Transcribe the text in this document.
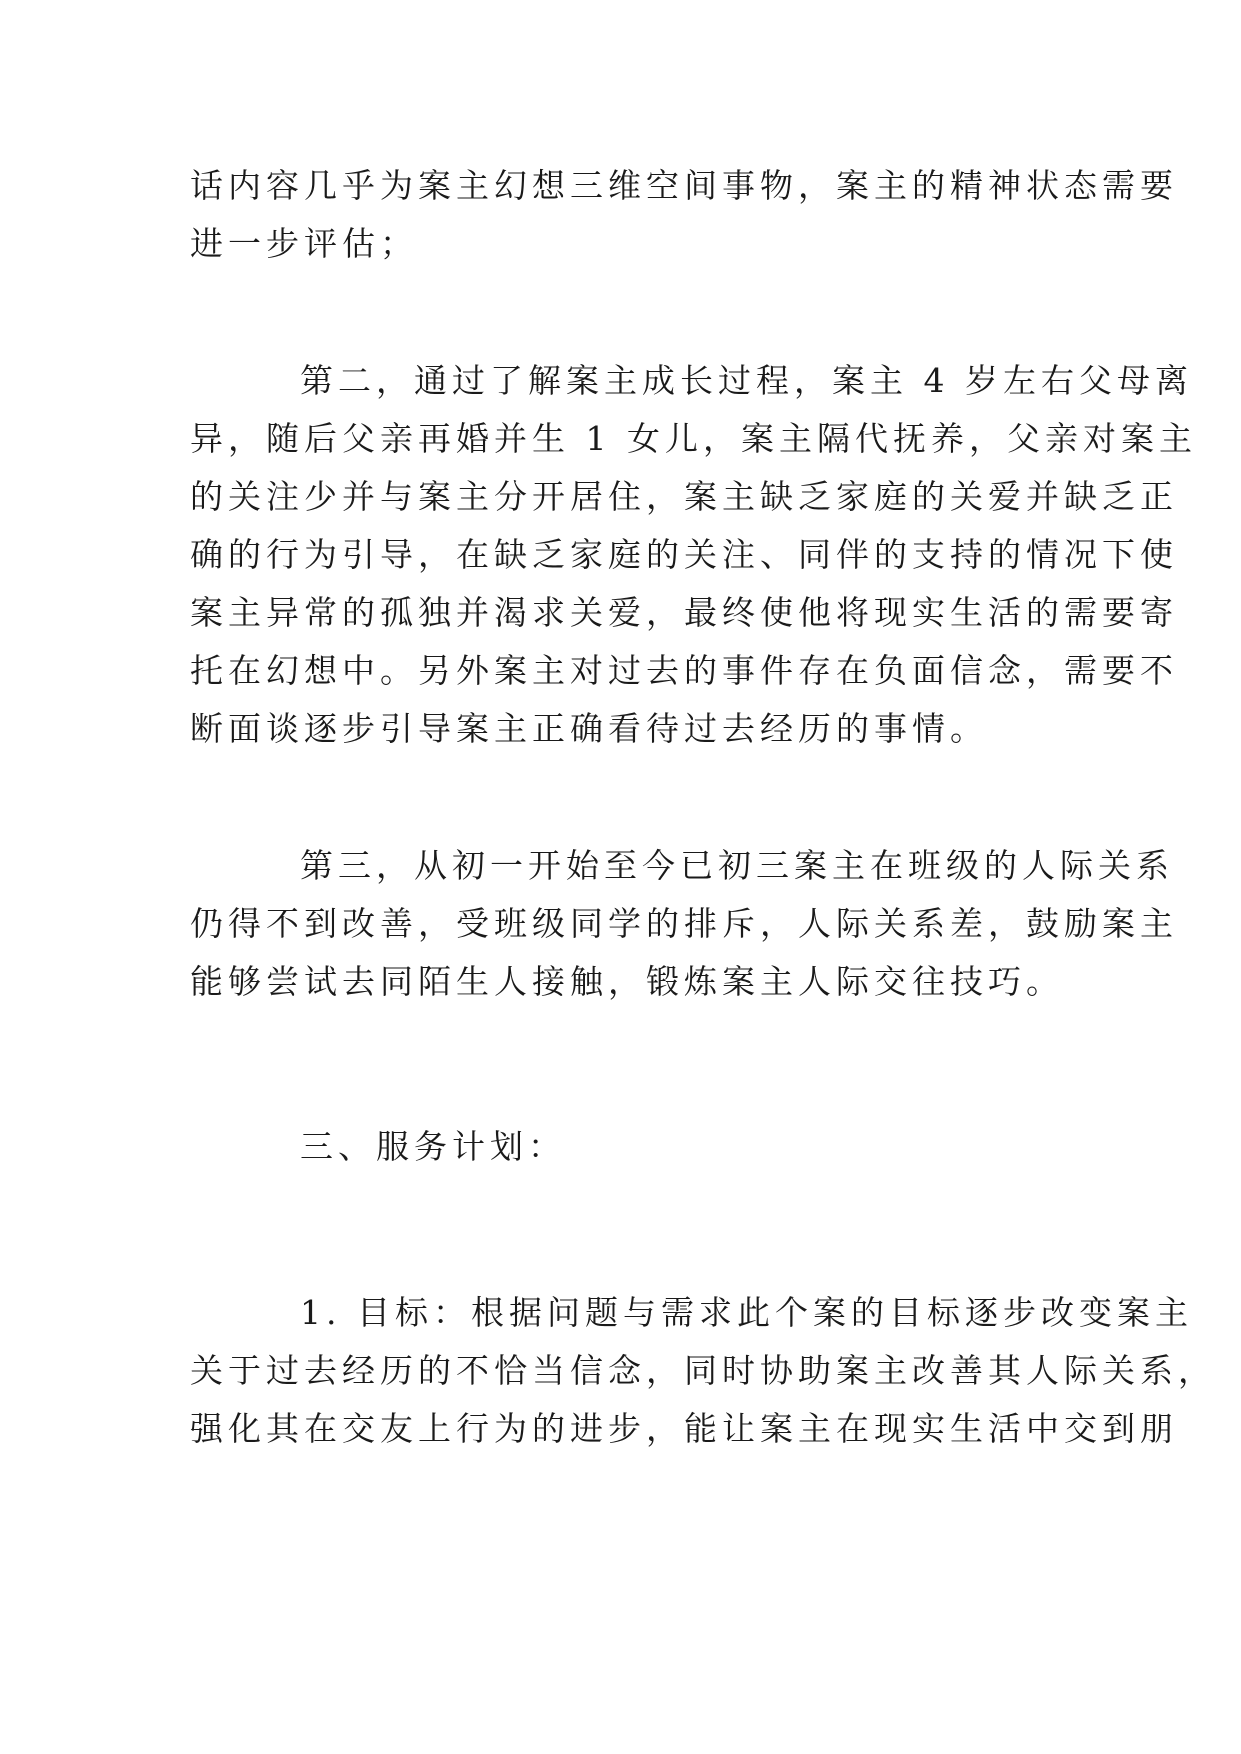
话内容几乎为案主幻想三维空间事物，案主的精神状态需要
进一步评估；
第二，通过了解案主成长过程，案主 4 岁左右父母离
异，随后父亲再婚并生 1 女儿，案主隔代抚养，父亲对案主
的关注少并与案主分开居住，案主缺乏家庭的关爱并缺乏正
确的行为引导，在缺乏家庭的关注、同伴的支持的情况下使
案主异常的孤独并渴求关爱，最终使他将现实生活的需要寄
托在幻想中。另外案主对过去的事件存在负面信念，需要不
断面谈逐步引导案主正确看待过去经历的事情。
第三，从初一开始至今已初三案主在班级的人际关系
仍得不到改善，受班级同学的排斥，人际关系差，鼓励案主
能够尝试去同陌生人接触，锻炼案主人际交往技巧。
三、服务计划：
1. 目标：根据问题与需求此个案的目标逐步改变案主
关于过去经历的不恰当信念，同时协助案主改善其人际关系，
强化其在交友上行为的进步，能让案主在现实生活中交到朋
